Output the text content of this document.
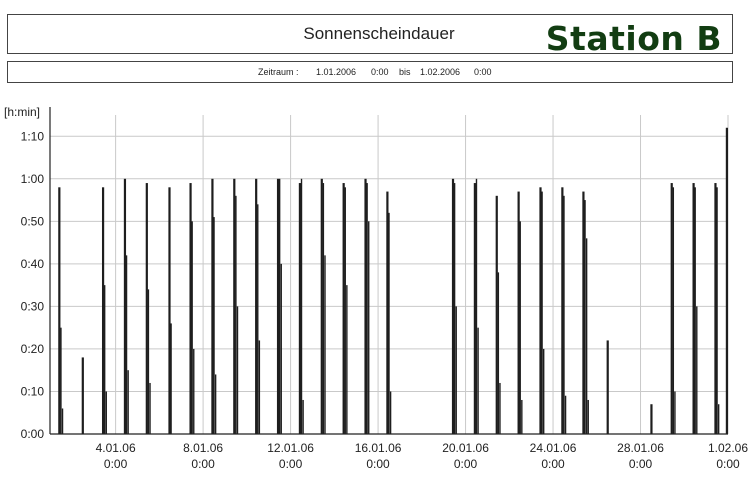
Sonnenscheindauer	Station B
Zeitraum : 1.01.2006 0:00 bis 1.02.2006 0:00
0:00
0:10
0:20
0:30
0:40
0:50
1:00
1:10
4.01.06
0:00
8.01.06
0:00
12.01.06
0:00
16.01.06
0:00
20.01.06
0:00
24.01.06
0:00
28.01.06
0:00
1.02.06
0:00
[h:min]
